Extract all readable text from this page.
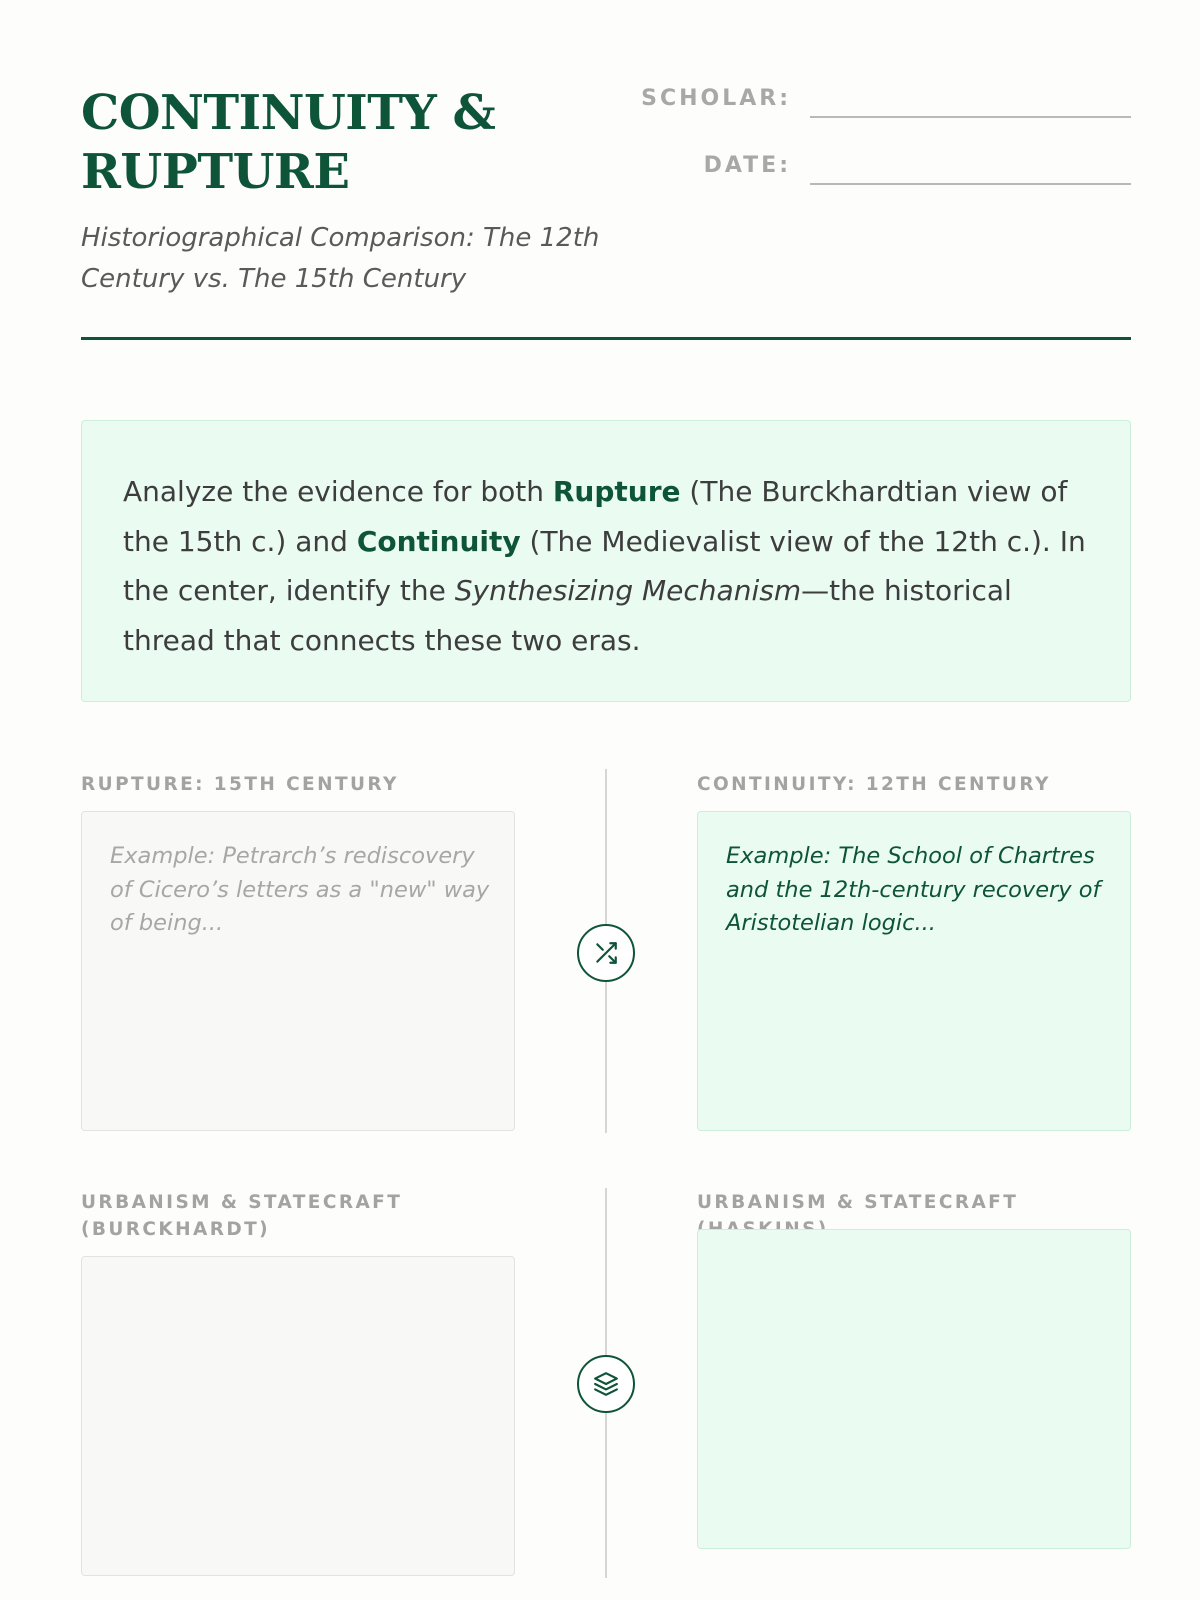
CONTINUITY &
RUPTURE

Historiographical Comparison: The 12th Century vs. The 15th Century

SCHOLAR:
DATE:
Analyze the evidence for both Rupture (The Burckhardtian view of the 15th c.) and Continuity (The Medievalist view of the 12th c.). In the center, identify the Synthesizing Mechanism—the historical thread that connects these two eras.

RUPTURE: 15TH CENTURY	CONTINUITY: 12TH CENTURY

Example: Petrarch’s rediscovery of Cicero’s letters as a "new" way of being...
Example: The School of Chartres and the 12th-century recovery of Aristotelian logic...

URBANISM & STATECRAFT (BURCKHARDT)

URBANISM & STATECRAFT
